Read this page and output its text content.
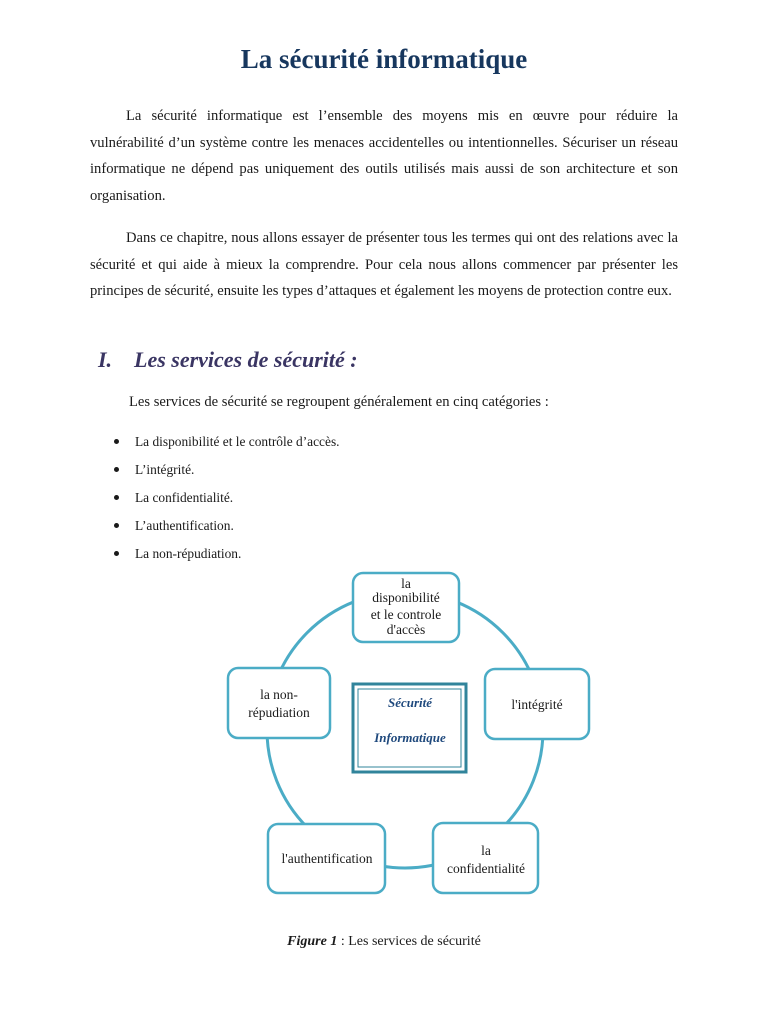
La sécurité informatique

La sécurité informatique est l’ensemble des moyens mis en œuvre pour réduire la vulnérabilité d’un système contre les menaces accidentelles ou intentionnelles. Sécuriser un réseau informatique ne dépend pas uniquement des outils utilisés mais aussi de son architecture et son organisation.

Dans ce chapitre, nous allons essayer de présenter tous les termes qui ont des relations avec la sécurité et qui aide à mieux la comprendre. Pour cela nous allons commencer par présenter les principes de sécurité, ensuite les types d’attaques et également les moyens de protection contre eux.

I. Les services de sécurité :
Les services de sécurité se regroupent généralement en cinq catégories :
La disponibilité et le contrôle d’accès.
L’intégrité.
La confidentialité.
L’authentification.
La non-répudiation.
Sécurité
Informatique
la
disponibilité
et le controle
d'accès
l'intégrité
la
confidentialité
l'authentification
la non-
répudiation
Figure 1 : Les services de sécurité
